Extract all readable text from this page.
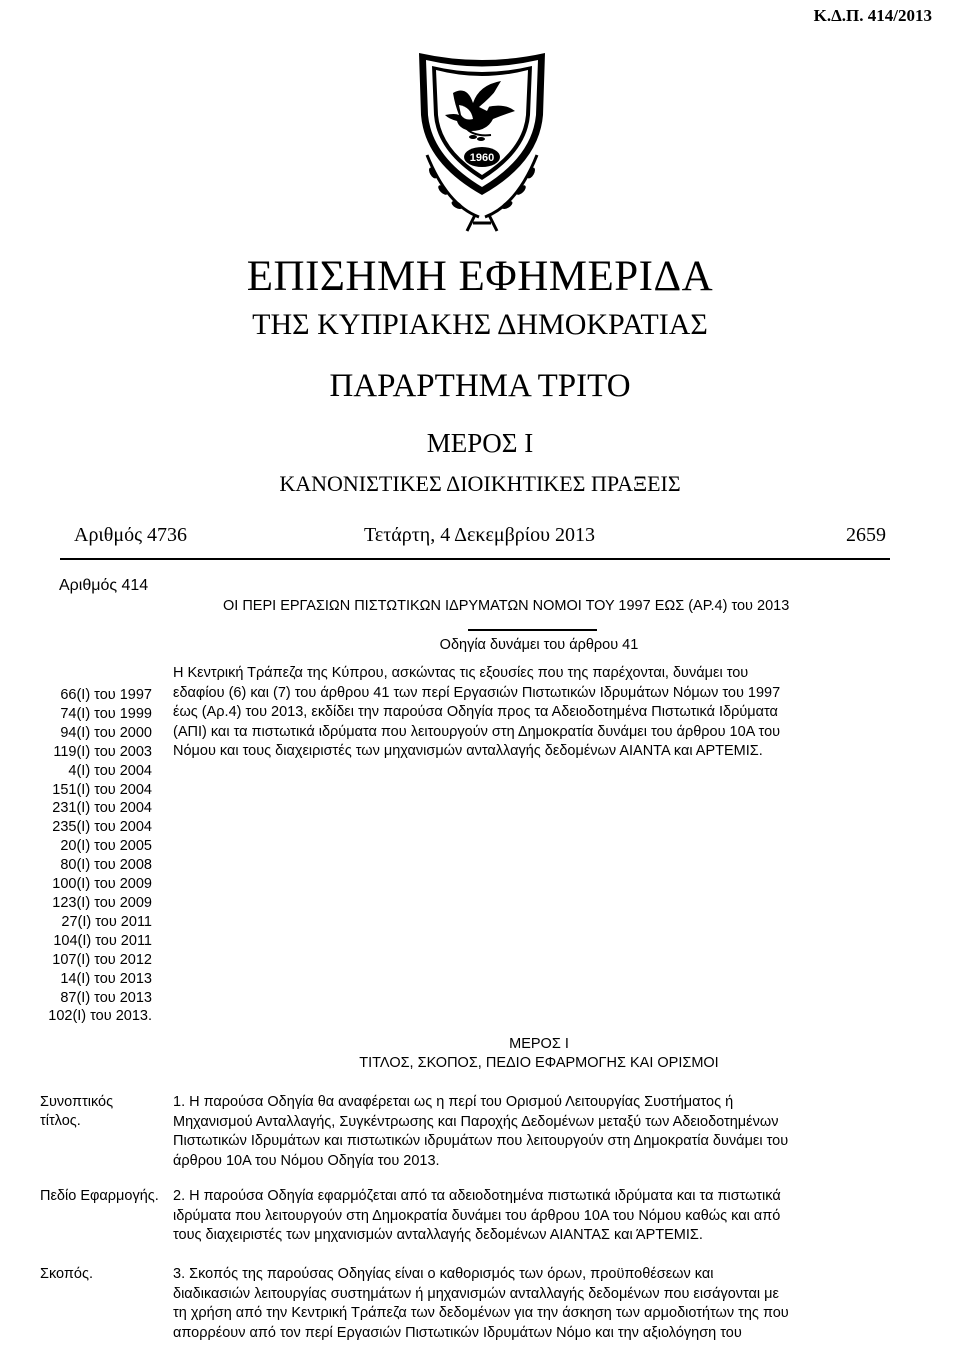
Κ.Δ.Π. 414/2013
1960
ΕΠΙΣΗΜΗ ΕΦΗΜΕΡΙΔΑ
ΤΗΣ ΚΥΠΡΙΑΚΗΣ ΔΗΜΟΚΡΑΤΙΑΣ
ΠΑΡΑΡΤΗΜΑ ΤΡΙΤΟ
ΜΕΡΟΣ Ι
ΚΑΝΟΝΙΣΤΙΚΕΣ ΔΙΟΙΚΗΤΙΚΕΣ ΠΡΑΞΕΙΣ
Αριθμός 4736	Τετάρτη, 4 Δεκεμβρίου 2013	2659
Αριθμός 414
ΟΙ ΠΕΡΙ ΕΡΓΑΣΙΩΝ ΠΙΣΤΩΤΙΚΩΝ ΙΔΡΥΜΑΤΩΝ ΝΟΜΟΙ ΤΟΥ 1997 ΕΩΣ (ΑΡ.4) του 2013
Οδηγία δυνάμει του άρθρου 41
Η Κεντρική Τράπεζα της Κύπρου, ασκώντας τις εξουσίες που της παρέχονται, δυνάμει του
εδαφίου (6) και (7) του άρθρου 41 των περί Εργασιών Πιστωτικών Ιδρυμάτων Νόμων του 1997
έως (Αρ.4) του 2013, εκδίδει την παρούσα Οδηγία προς τα Αδειοδοτημένα Πιστωτικά Ιδρύματα
(ΑΠΙ) και τα πιστωτικά ιδρύματα που λειτουργούν στη Δημοκρατία δυνάμει του άρθρου 10Α του
Νόμου και τους διαχειριστές των μηχανισμών ανταλλαγής δεδομένων ΑΙΑΝΤΑ και ΑΡΤΕΜΙΣ.
66(Ι) του 1997
74(Ι) του 1999
94(Ι) του 2000
119(Ι) του 2003
4(Ι) του 2004
151(Ι) του 2004
231(Ι) του 2004
235(Ι) του 2004
20(Ι) του 2005
80(Ι) του 2008
100(Ι) του 2009
123(Ι) του 2009
27(Ι) του 2011
104(Ι) του 2011
107(Ι) του 2012
14(Ι) του 2013
87(Ι) του 2013
102(Ι) του 2013.
ΜΕΡΟΣ Ι
ΤΙΤΛΟΣ, ΣΚΟΠΟΣ, ΠΕΔΙΟ ΕΦΑΡΜΟΓΗΣ ΚΑΙ ΟΡΙΣΜΟΙ
Συνοπτικός
τίτλος.
1. Η παρούσα Οδηγία θα αναφέρεται ως η περί του Ορισμού Λειτουργίας Συστήματος ή
Μηχανισμού Ανταλλαγής, Συγκέντρωσης και Παροχής Δεδομένων μεταξύ των Αδειοδοτημένων
Πιστωτικών Ιδρυμάτων και πιστωτικών ιδρυμάτων που λειτουργούν στη Δημοκρατία δυνάμει του
άρθρου 10Α του Νόμου Οδηγία του 2013.
Πεδίο Εφαρμογής. 2. Η παρούσα Οδηγία εφαρμόζεται από τα αδειοδοτημένα πιστωτικά ιδρύματα και τα πιστωτικά
ιδρύματα που λειτουργούν στη Δημοκρατία δυνάμει του άρθρου 10Α του Νόμου καθώς και από
τους διαχειριστές των μηχανισμών ανταλλαγής δεδομένων ΑΙΑΝΤΑΣ και ΆΡΤΕΜΙΣ.
Σκοπός.	3. Σκοπός της παρούσας Οδηγίας είναι ο καθορισμός των όρων, προϋποθέσεων και
διαδικασιών λειτουργίας συστημάτων ή μηχανισμών ανταλλαγής δεδομένων που εισάγονται με
τη χρήση από την Κεντρική Τράπεζα των δεδομένων για την άσκηση των αρμοδιοτήτων της που
απορρέουν από τον περί Εργασιών Πιστωτικών Ιδρυμάτων Νόμο και την αξιολόγηση του
